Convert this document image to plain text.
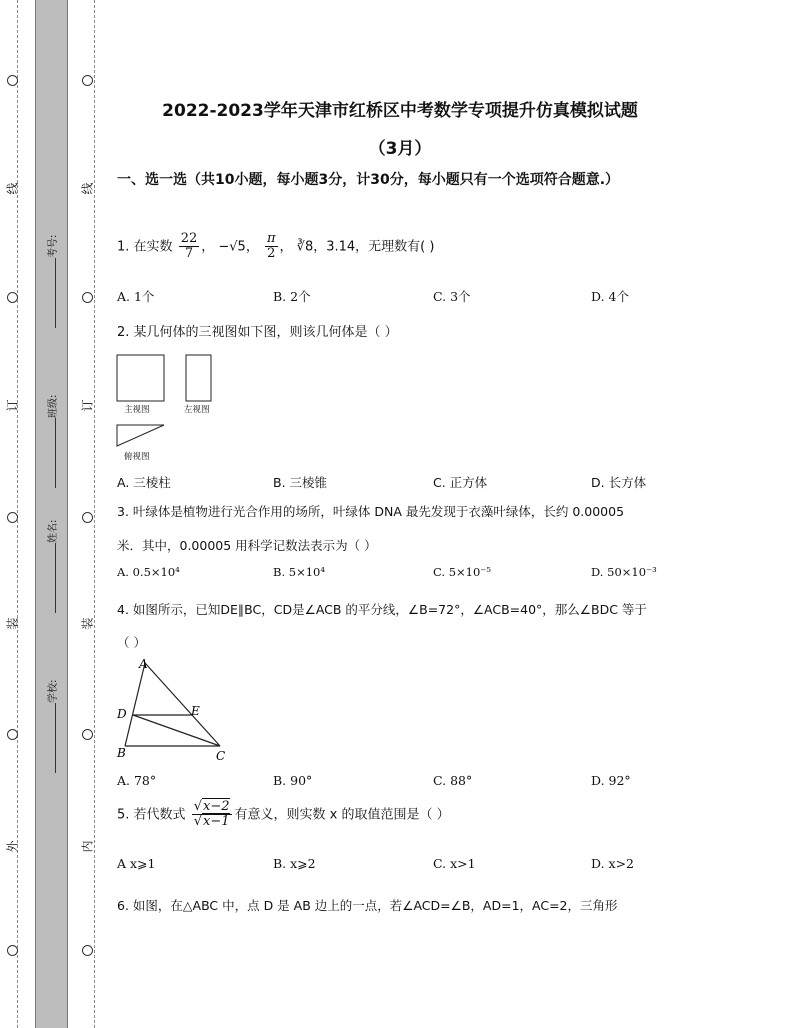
线
订
装
外
线
订
装
内
考号:
班级:
姓名:
学校:
2022-2023学年天津市红桥区中考数学专项提升仿真模拟试题
（3月）
一、选一选（共10小题，每小题3分，计30分，每小题只有一个选项符合题意.）
1. 在实数 $\frac{22}{7}$ ， −√5， $\frac{\pi}{2}$ ， ∛8，3.14，无理数有( )
A. 1个	B. 2个	C. 3个	D. 4个
2. 某几何体的三视图如下图，则该几何体是（ ）
主视图	左视图
俯视图
A. 三棱柱	B. 三棱锥	C. 正方体	D. 长方体
3. 叶绿体是植物进行光合作用的场所，叶绿体 DNA 最先发现于衣藻叶绿体，长约 0.00005
米．其中，0.00005 用科学记数法表示为（ ）
A. 0.5×10⁴	B. 5×10⁴	C. 5×10⁻⁵	D. 50×10⁻³
4. 如图所示，已知DE∥BC，CD是∠ACB 的平分线，∠B=72°，∠ACB=40°，那么∠BDC 等于
（ ）
A
D	E
B	C
A. 78°	B. 90°	C. 88°	D. 92°
5. 若代数式 $\frac{√x-2}{√x-1}$ 有意义，则实数 x 的取值范围是（ ）
A x⩾1	B. x⩾2	C. x>1	D. x>2
6. 如图，在△ABC 中，点 D 是 AB 边上的一点，若∠ACD=∠B，AD=1，AC=2，三角形
